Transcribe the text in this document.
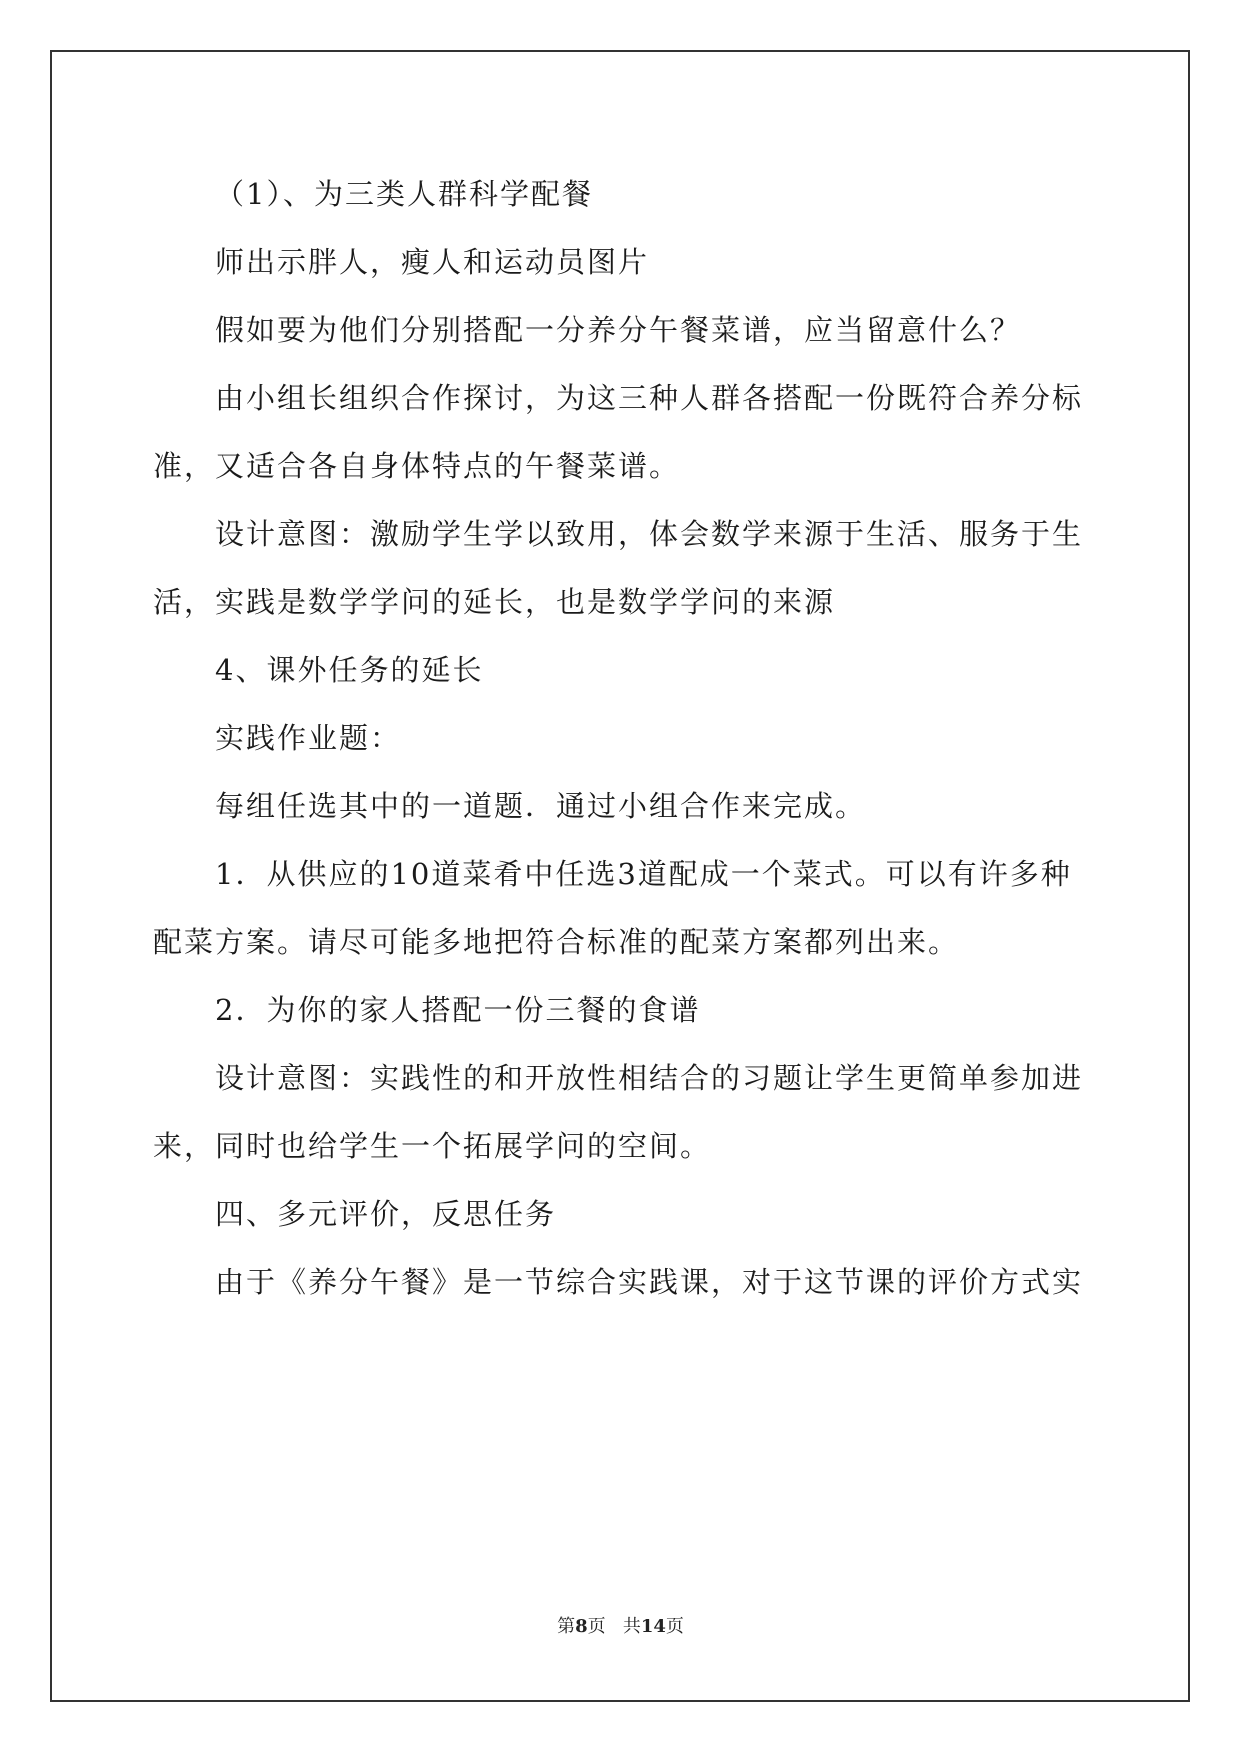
（1）、为三类人群科学配餐
师出示胖人，瘦人和运动员图片
假如要为他们分别搭配一分养分午餐菜谱，应当留意什么？
由小组长组织合作探讨，为这三种人群各搭配一份既符合养分标
准，又适合各自身体特点的午餐菜谱。
设计意图：激励学生学以致用，体会数学来源于生活、服务于生
活，实践是数学学问的延长，也是数学学问的来源
4、课外任务的延长
实践作业题：
每组任选其中的一道题．通过小组合作来完成。
1．从供应的10道菜肴中任选3道配成一个菜式。可以有许多种
配菜方案。请尽可能多地把符合标准的配菜方案都列出来。
2．为你的家人搭配一份三餐的食谱
设计意图：实践性的和开放性相结合的习题让学生更简单参加进
来，同时也给学生一个拓展学问的空间。
四、多元评价，反思任务
由于《养分午餐》是一节综合实践课，对于这节课的评价方式实
第8页 共14页
